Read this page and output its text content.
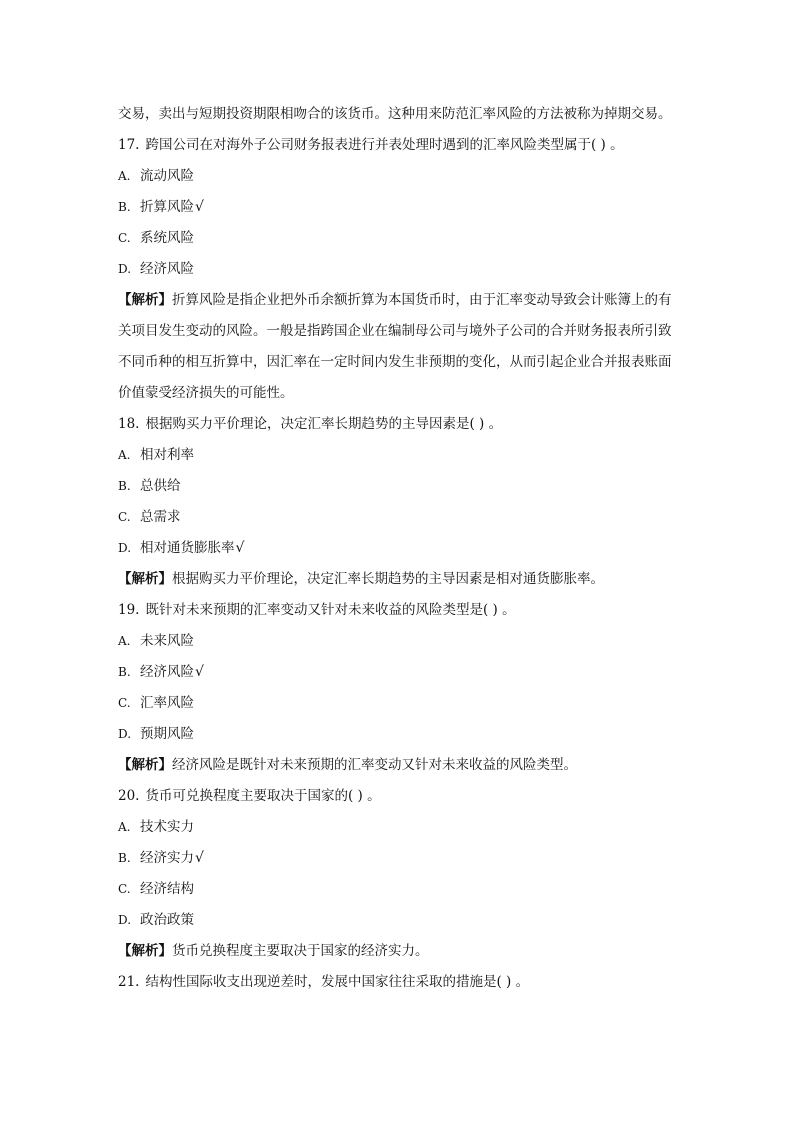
交易，卖出与短期投资期限相吻合的该货币。这种用来防范汇率风险的方法被称为掉期交易。
17. 跨国公司在对海外子公司财务报表进行并表处理时遇到的汇率风险类型属于( ) 。
A. 流动风险
B. 折算风险√
C. 系统风险
D. 经济风险
【解析】折算风险是指企业把外币余额折算为本国货币时，由于汇率变动导致会计账簿上的有关项目发生变动的风险。一般是指跨国企业在编制母公司与境外子公司的合并财务报表所引致不同币种的相互折算中，因汇率在一定时间内发生非预期的变化，从而引起企业合并报表账面价值蒙受经济损失的可能性。
18. 根据购买力平价理论，决定汇率长期趋势的主导因素是( ) 。
A. 相对利率
B. 总供给
C. 总需求
D. 相对通货膨胀率√
【解析】根据购买力平价理论，决定汇率长期趋势的主导因素是相对通货膨胀率。
19. 既针对未来预期的汇率变动又针对未来收益的风险类型是( ) 。
A. 未来风险
B. 经济风险√
C. 汇率风险
D. 预期风险
【解析】经济风险是既针对未来预期的汇率变动又针对未来收益的风险类型。
20. 货币可兑换程度主要取决于国家的( ) 。
A. 技术实力
B. 经济实力√
C. 经济结构
D. 政治政策
【解析】货币兑换程度主要取决于国家的经济实力。
21. 结构性国际收支出现逆差时，发展中国家往往采取的措施是( ) 。
